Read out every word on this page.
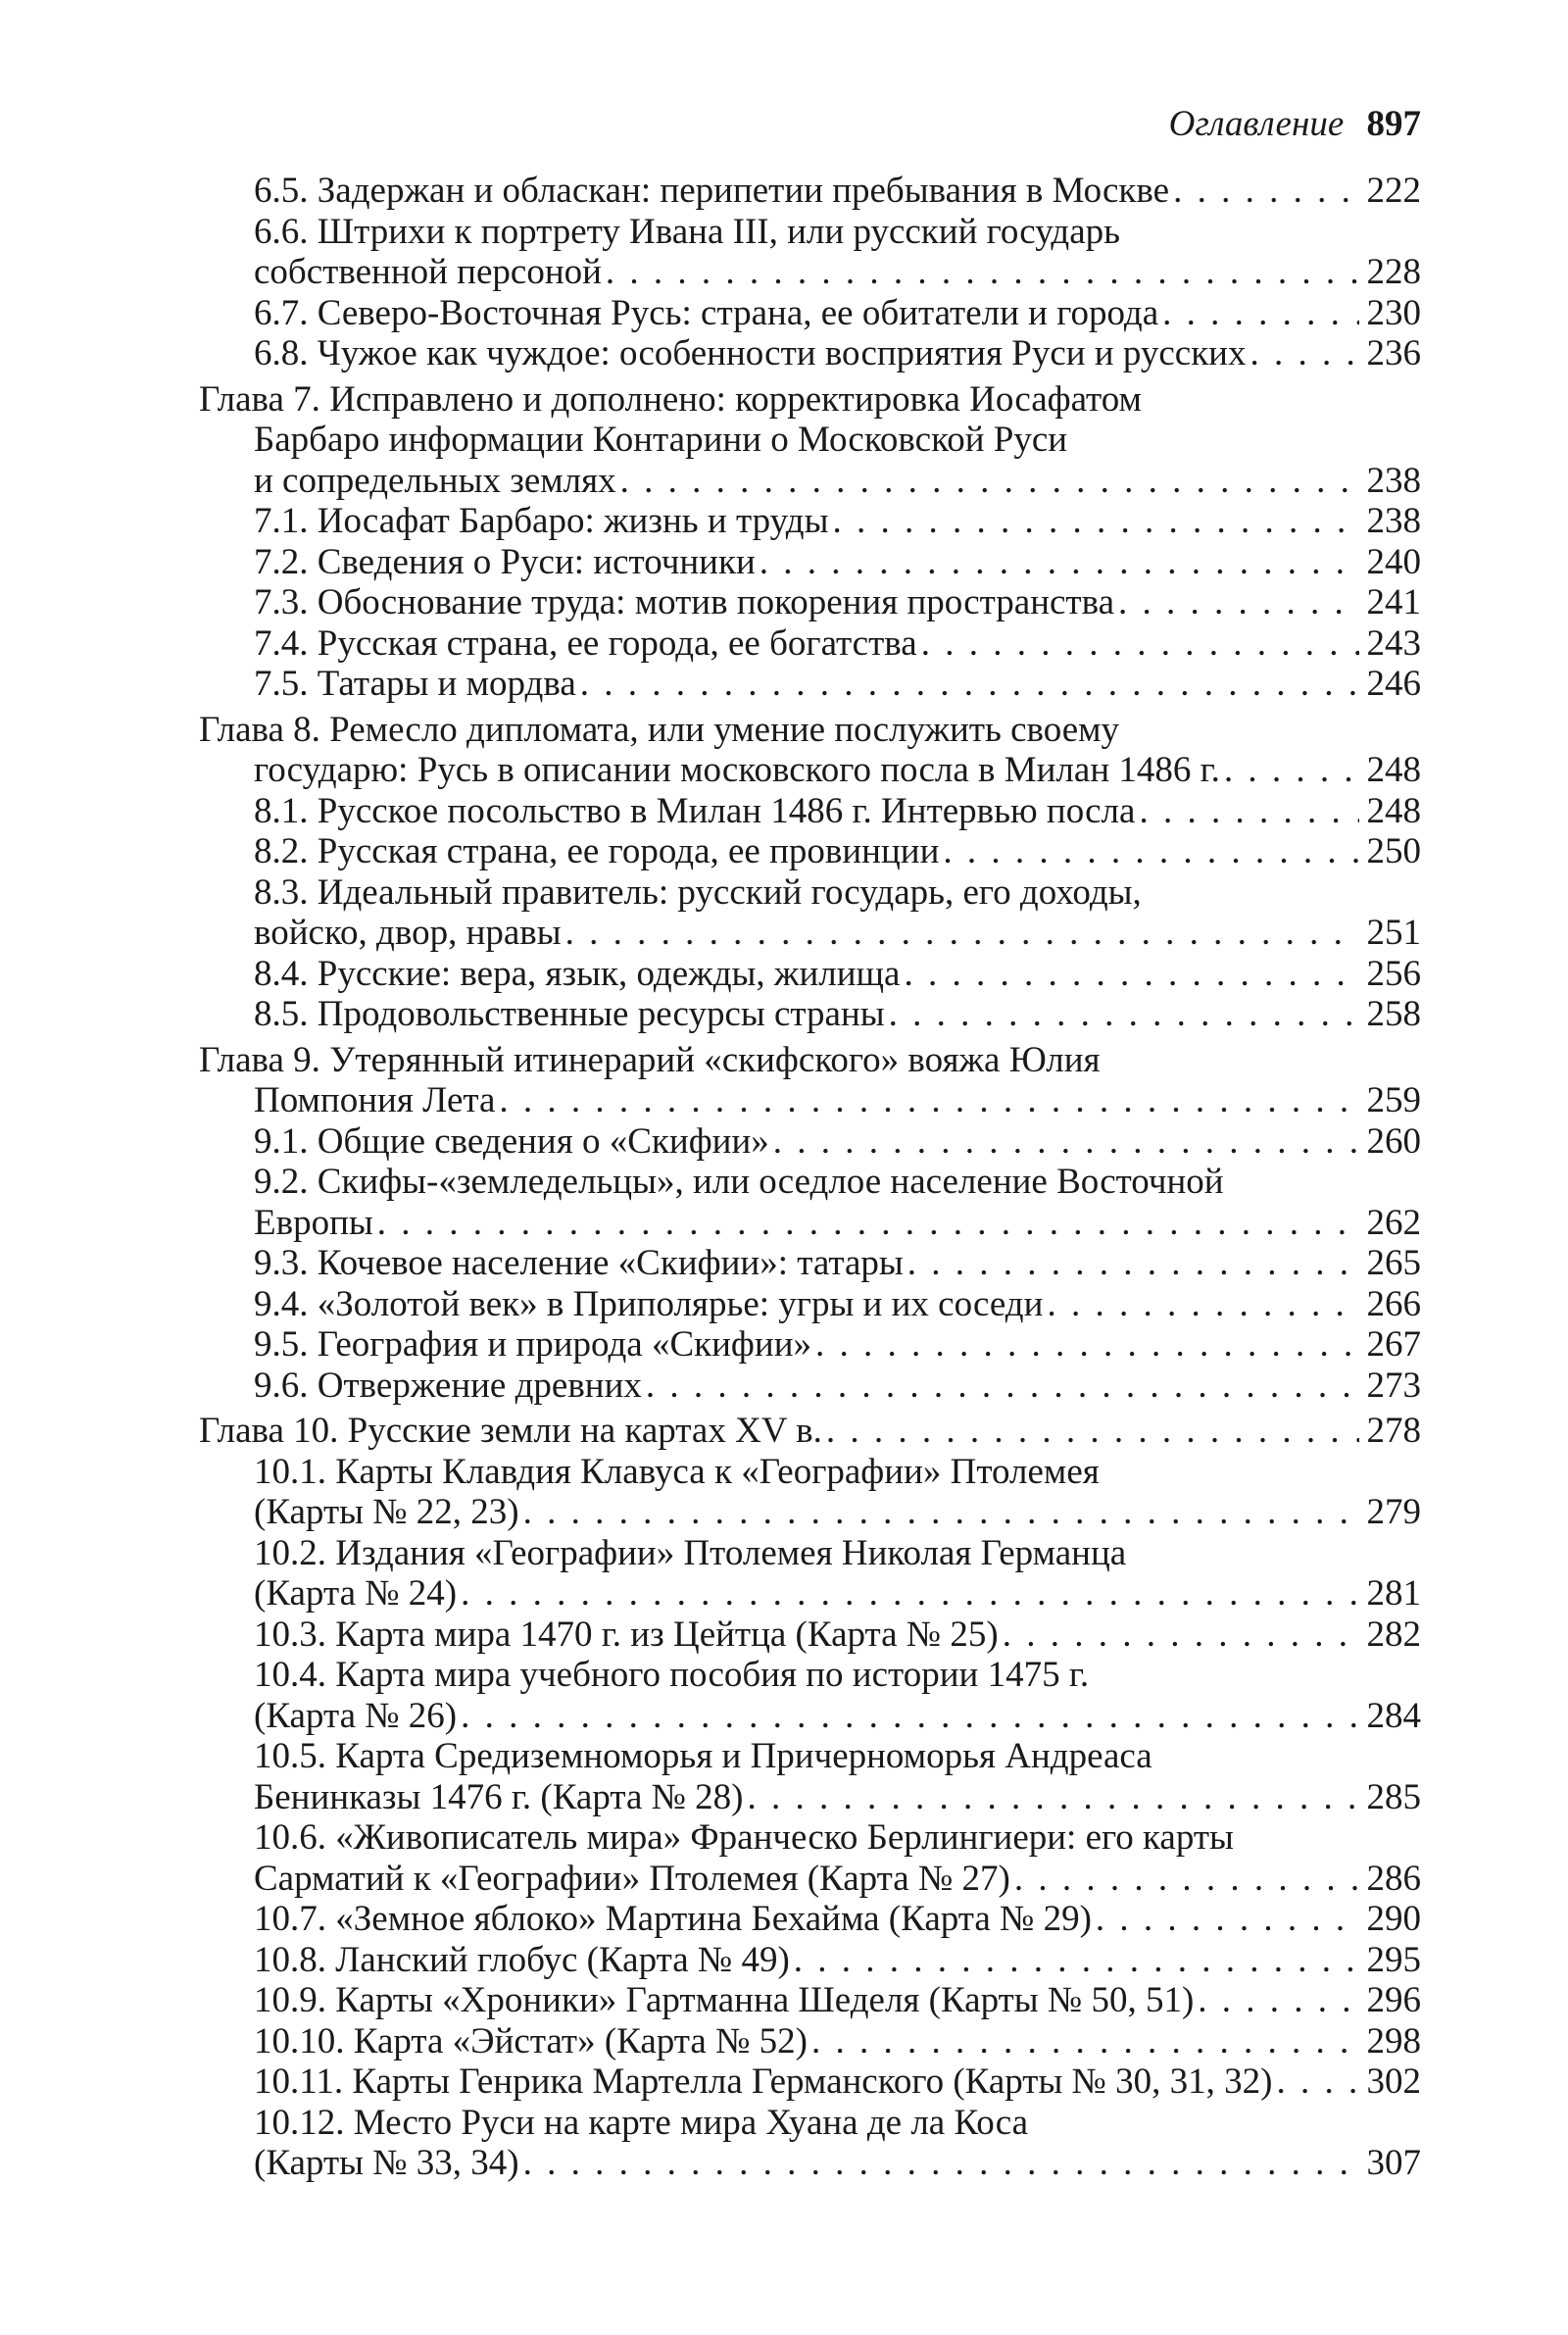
Оглавление 897
6.5. Задержан и обласкан: перипетии пребывания в Москве . . .	222
6.6. Штрихи к портрету Ивана III, или русский государь
собственной персоной . . .	228
6.7. Северо-Восточная Русь: страна, ее обитатели и города . . .	230
6.8. Чужое как чуждое: особенности восприятия Руси и русских . . .	236
Глава 7. Исправлено и дополнено: корректировка Иосафатом
Барбаро информации Контарини о Московской Руси
и сопредельных землях . . .	238
7.1. Иосафат Барбаро: жизнь и труды . . .	238
7.2. Сведения о Руси: источники . . .	240
7.3. Обоснование труда: мотив покорения пространства . . .	241
7.4. Русская страна, ее города, ее богатства . . .	243
7.5. Татары и мордва . . .	246
Глава 8. Ремесло дипломата, или умение послужить своему
государю: Русь в описании московского посла в Милан 1486 г. . . .	248
8.1. Русское посольство в Милан 1486 г. Интервью посла . . .	248
8.2. Русская страна, ее города, ее провинции . . .	250
8.3. Идеальный правитель: русский государь, его доходы,
войско, двор, нравы . . .	251
8.4. Русские: вера, язык, одежды, жилища . . .	256
8.5. Продовольственные ресурсы страны . . .	258
Глава 9. Утерянный итинерарий «скифского» вояжа Юлия
Помпония Лета . . .	259
9.1. Общие сведения о «Скифии» . . .	260
9.2. Скифы-«земледельцы», или оседлое население Восточной
Европы . . .	262
9.3. Кочевое население «Скифии»: татары . . .	265
9.4. «Золотой век» в Приполярье: угры и их соседи . . .	266
9.5. География и природа «Скифии» . . .	267
9.6. Отвержение древних . . .	273
Глава 10. Русские земли на картах XV в. . . .	278
10.1. Карты Клавдия Клавуса к «Географии» Птолемея
(Карты № 22, 23) . . .	279
10.2. Издания «Географии» Птолемея Николая Германца
(Карта № 24) . . .	281
10.3. Карта мира 1470 г. из Цейтца (Карта № 25) . . .	282
10.4. Карта мира учебного пособия по истории 1475 г.
(Карта № 26) . . .	284
10.5. Карта Средиземноморья и Причерноморья Андреаса
Бенинказы 1476 г. (Карта № 28) . . .	285
10.6. «Живописатель мира» Франческо Берлингиери: его карты
Сарматий к «Географии» Птолемея (Карта № 27) . . .	286
10.7. «Земное яблоко» Мартина Бехайма (Карта № 29) . . .	290
10.8. Ланский глобус (Карта № 49) . . .	295
10.9. Карты «Хроники» Гартманна Шеделя (Карты № 50, 51) . . .	296
10.10. Карта «Эйстат» (Карта № 52) . . .	298
10.11. Карты Генрика Мартелла Германского (Карты № 30, 31, 32) . . .	302
10.12. Место Руси на карте мира Хуана де ла Коса
(Карты № 33, 34) . . .	307
